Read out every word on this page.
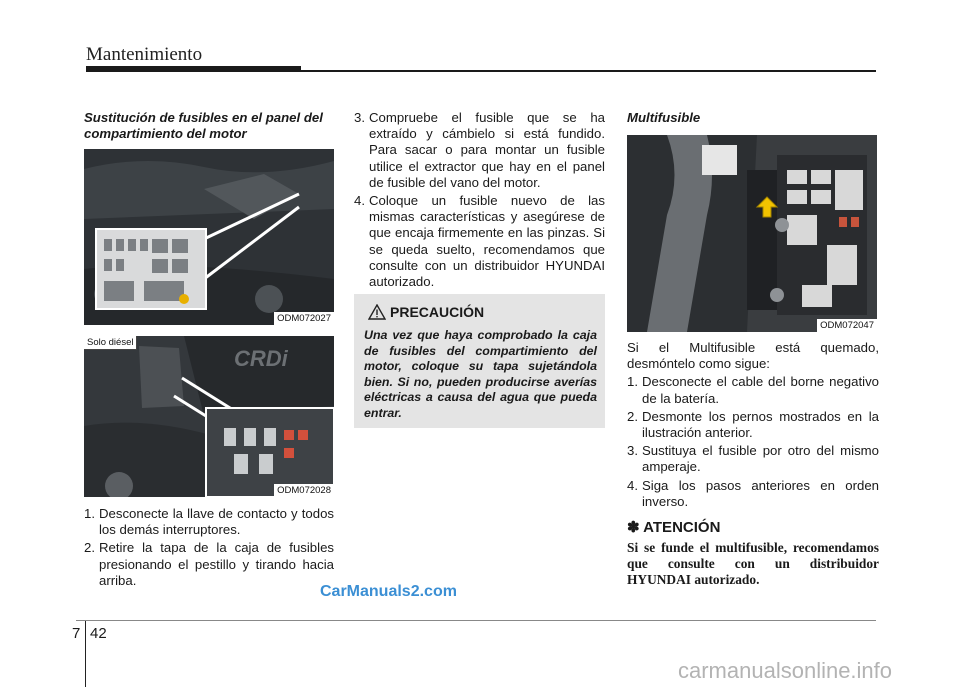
Mantenimiento
Sustitución de fusibles en el panel del compartimiento del motor
ODM072027
CRDi
Solo diésel
ODM072028
1. Desconecte la llave de contacto y todos los demás interruptores.
2. Retire la tapa de la caja de fusibles presionando el pestillo y tirando hacia arriba.
3. Compruebe el fusible que se ha extraído y cámbielo si está fundido. Para sacar o para montar un fusible utilice el extractor que hay en el panel de fusible del vano del motor.
4. Coloque un fusible nuevo de las mismas características y asegúrese de que encaja firmemente en las pinzas. Si se queda suelto, recomendamos que consulte con un distribuidor HYUNDAI autorizado.
PRECAUCIÓN
Una vez que haya comprobado la caja de fusibles del compartimiento del motor, coloque su tapa sujetándola bien. Si no, pueden producirse averías eléctricas a causa del agua que pueda entrar.
Multifusible
ODM072047
Si el Multifusible está quemado, desmóntelo como sigue:
1. Desconecte el cable del borne negativo de la batería.
2. Desmonte los pernos mostrados en la ilustración anterior.
3. Sustituya el fusible por otro del mismo amperaje.
4. Siga los pasos anteriores en orden inverso.
✽ ATENCIÓN
Si se funde el multifusible, recomendamos que consulte con un distribuidor HYUNDAI autorizado.
7 42
CarManuals2.com
carmanualsonline.info
